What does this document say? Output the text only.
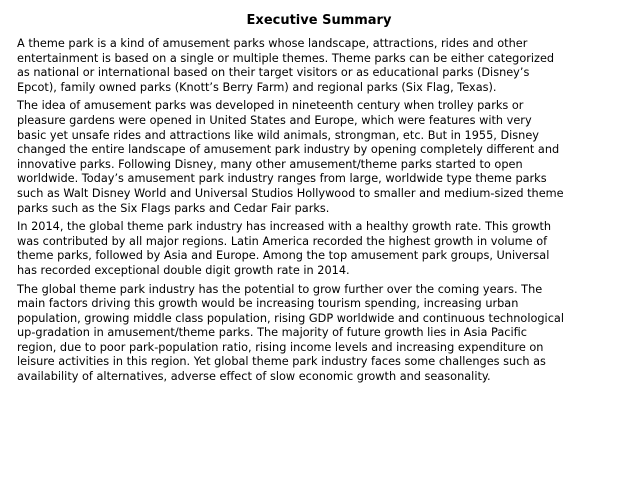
Executive Summary

A theme park is a kind of amusement parks whose landscape, attractions, rides and other
entertainment is based on a single or multiple themes. Theme parks can be either categorized
as national or international based on their target visitors or as educational parks (Disney’s
Epcot), family owned parks (Knott’s Berry Farm) and regional parks (Six Flag, Texas).

The idea of amusement parks was developed in nineteenth century when trolley parks or
pleasure gardens were opened in United States and Europe, which were features with very
basic yet unsafe rides and attractions like wild animals, strongman, etc. But in 1955, Disney
changed the entire landscape of amusement park industry by opening completely different and
innovative parks. Following Disney, many other amusement/theme parks started to open
worldwide. Today’s amusement park industry ranges from large, worldwide type theme parks
such as Walt Disney World and Universal Studios Hollywood to smaller and medium-sized theme
parks such as the Six Flags parks and Cedar Fair parks.

In 2014, the global theme park industry has increased with a healthy growth rate. This growth
was contributed by all major regions. Latin America recorded the highest growth in volume of
theme parks, followed by Asia and Europe. Among the top amusement park groups, Universal
has recorded exceptional double digit growth rate in 2014.

The global theme park industry has the potential to grow further over the coming years. The
main factors driving this growth would be increasing tourism spending, increasing urban
population, growing middle class population, rising GDP worldwide and continuous technological
up-gradation in amusement/theme parks. The majority of future growth lies in Asia Pacific
region, due to poor park-population ratio, rising income levels and increasing expenditure on
leisure activities in this region. Yet global theme park industry faces some challenges such as
availability of alternatives, adverse effect of slow economic growth and seasonality.
